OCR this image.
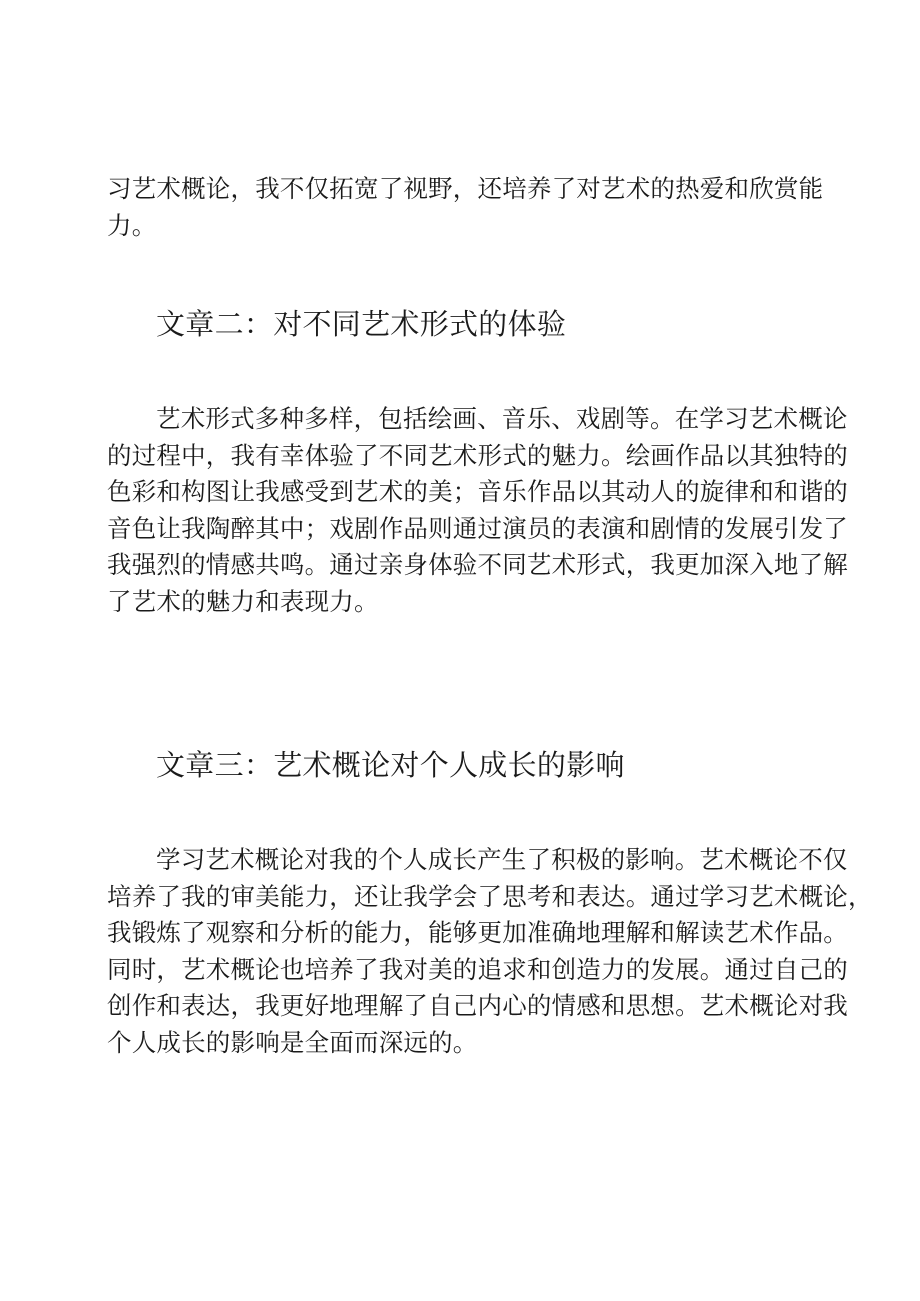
习艺术概论，我不仅拓宽了视野，还培养了对艺术的热爱和欣赏能
力。
文章二：对不同艺术形式的体验
艺术形式多种多样，包括绘画、音乐、戏剧等。在学习艺术概论
的过程中，我有幸体验了不同艺术形式的魅力。绘画作品以其独特的
色彩和构图让我感受到艺术的美；音乐作品以其动人的旋律和和谐的
音色让我陶醉其中；戏剧作品则通过演员的表演和剧情的发展引发了
我强烈的情感共鸣。通过亲身体验不同艺术形式，我更加深入地了解
了艺术的魅力和表现力。
文章三：艺术概论对个人成长的影响
学习艺术概论对我的个人成长产生了积极的影响。艺术概论不仅
培养了我的审美能力，还让我学会了思考和表达。通过学习艺术概论，
我锻炼了观察和分析的能力，能够更加准确地理解和解读艺术作品。
同时，艺术概论也培养了我对美的追求和创造力的发展。通过自己的
创作和表达，我更好地理解了自己内心的情感和思想。艺术概论对我
个人成长的影响是全面而深远的。
